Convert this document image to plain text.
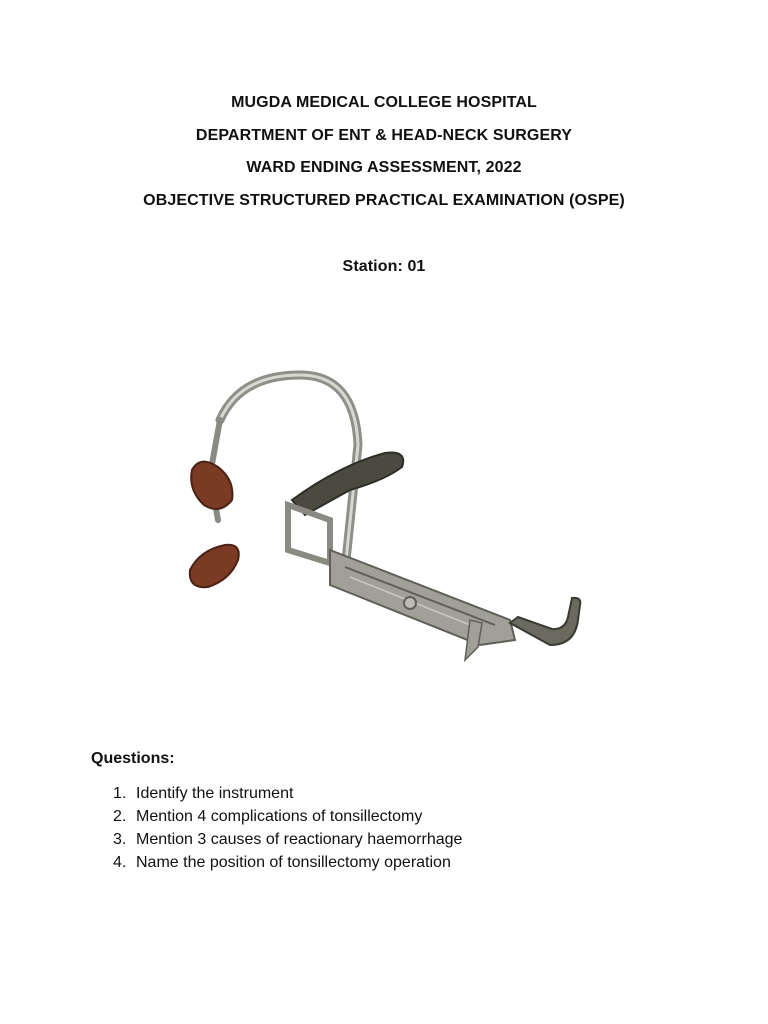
MUGDA MEDICAL COLLEGE HOSPITAL
DEPARTMENT OF ENT & HEAD-NECK SURGERY
WARD ENDING ASSESSMENT, 2022
OBJECTIVE STRUCTURED PRACTICAL EXAMINATION (OSPE)
Station: 01
Questions:
1. Identify the instrument
2. Mention 4 complications of tonsillectomy
3. Mention 3 causes of reactionary haemorrhage
4. Name the position of tonsillectomy operation
